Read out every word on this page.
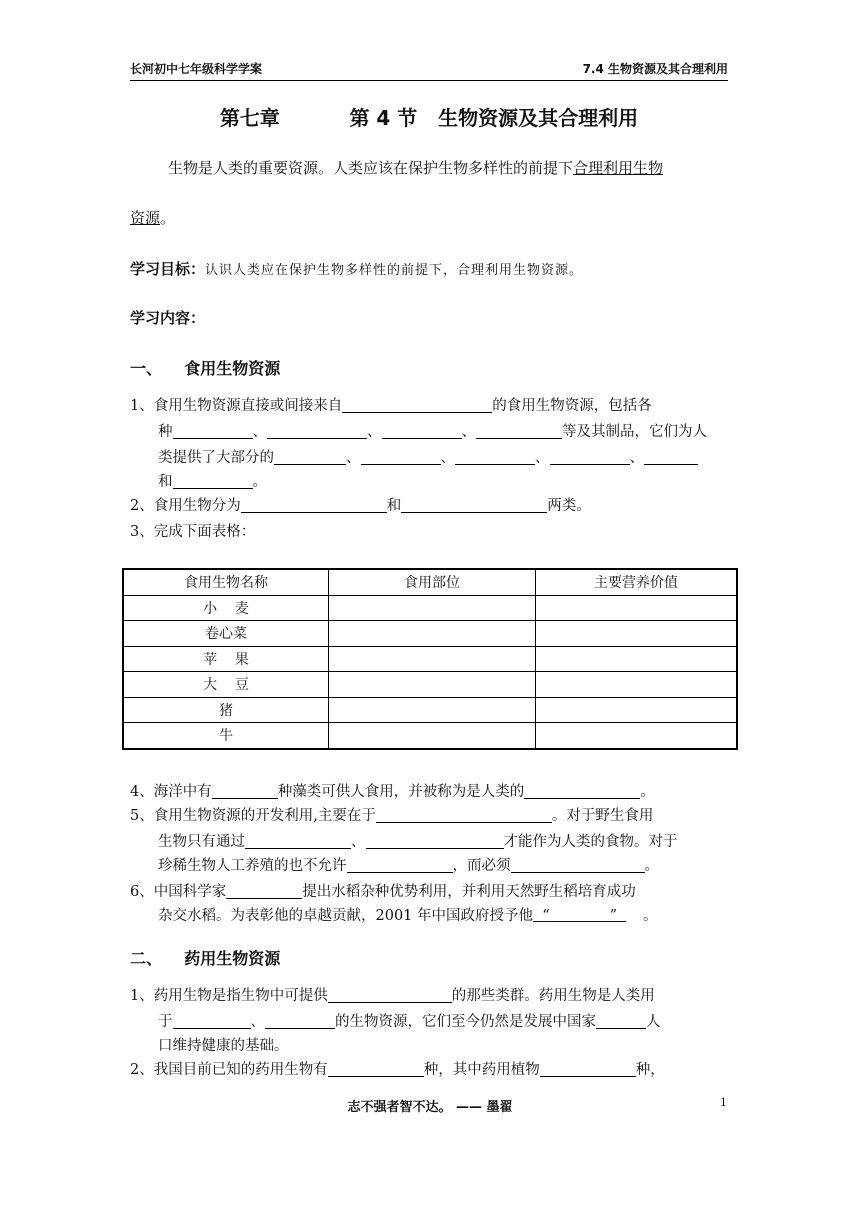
长河初中七年级科学学案	7.4 生物资源及其合理利用
第七章          第 4 节   生物资源及其合理利用
生物是人类的重要资源。人类应该在保护生物多样性的前提下合理利用生物
资源。
学习目标：认识人类应在保护生物多样性的前提下，合理利用生物资源。
学习内容：
一、    食用生物资源
1、食用生物资源直接或间接来自	的食用生物资源，包括各
种	、	、	、	等及其制品，它们为人
类提供了大部分的	、	、	、	、
和	。
2、食用生物分为	和	两类。
3、完成下面表格：
食用生物名称	食用部位	主要营养价值
小    麦		
卷心菜		
苹    果		
大    豆		
猪		
牛		
4、海洋中有	种藻类可供人食用，并被称为是人类的	。
5、食用生物资源的开发利用,主要在于	。对于野生食用
生物只有通过	、	才能作为人类的食物。对于
珍稀生物人工养殖的也不允许	，而必须	。
6、中国科学家	提出水稻杂种优势利用，并利用天然野生稻培育成功
杂交水稻。为表彰他的卓越贡献，2001 年中国政府授予他 “	” 。
二、    药用生物资源
1、药用生物是指生物中可提供	的那些类群。药用生物是人类用
于	、	的生物资源，它们至今仍然是发展中国家	人
口维持健康的基础。
2、我国目前已知的药用生物有	种，其中药用植物	种，
志不强者智不达。 —— 墨翟	1
